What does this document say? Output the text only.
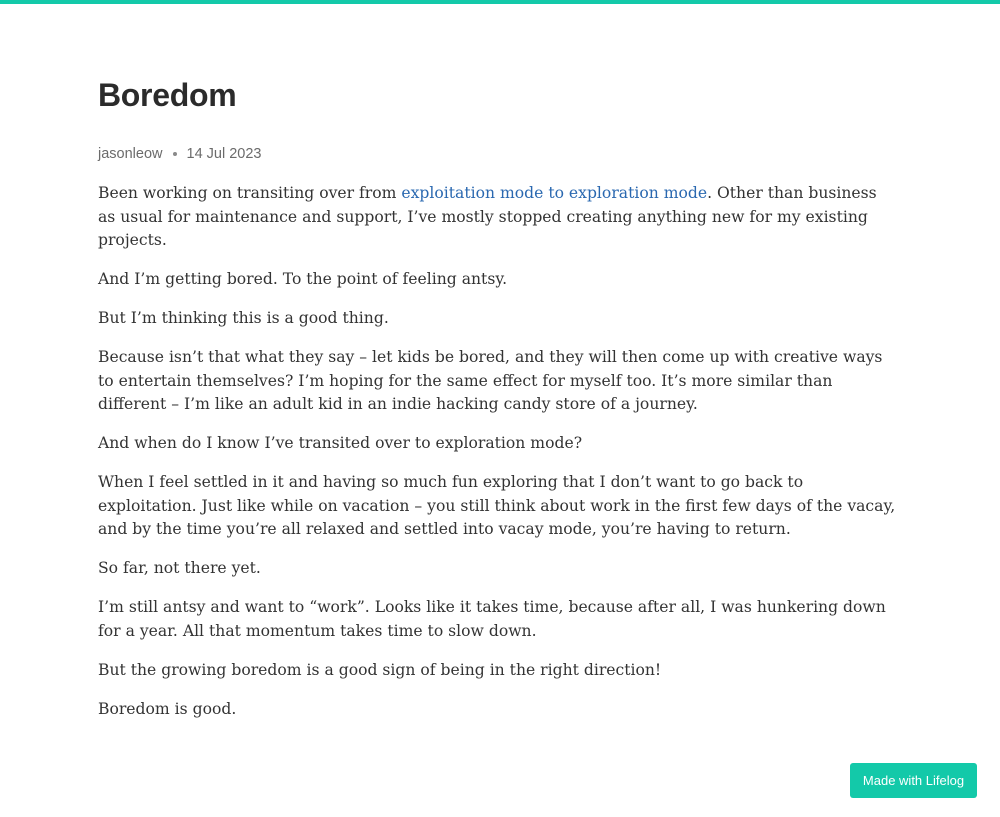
Boredom
jasonleow 14 Jul 2023

Been working on transiting over from exploitation mode to exploration mode. Other than business as usual for maintenance and support, I’ve mostly stopped creating anything new for my existing projects.

And I’m getting bored. To the point of feeling antsy.

But I’m thinking this is a good thing.

Because isn’t that what they say – let kids be bored, and they will then come up with creative ways to entertain themselves? I’m hoping for the same effect for myself too. It’s more similar than different – I’m like an adult kid in an indie hacking candy store of a journey.

And when do I know I’ve transited over to exploration mode?

When I feel settled in it and having so much fun exploring that I don’t want to go back to exploitation. Just like while on vacation – you still think about work in the first few days of the vacay, and by the time you’re all relaxed and settled into vacay mode, you’re having to return.

So far, not there yet.

I’m still antsy and want to “work”. Looks like it takes time, because after all, I was hunkering down for a year. All that momentum takes time to slow down.

But the growing boredom is a good sign of being in the right direction!

Boredom is good.

Made with Lifelog
